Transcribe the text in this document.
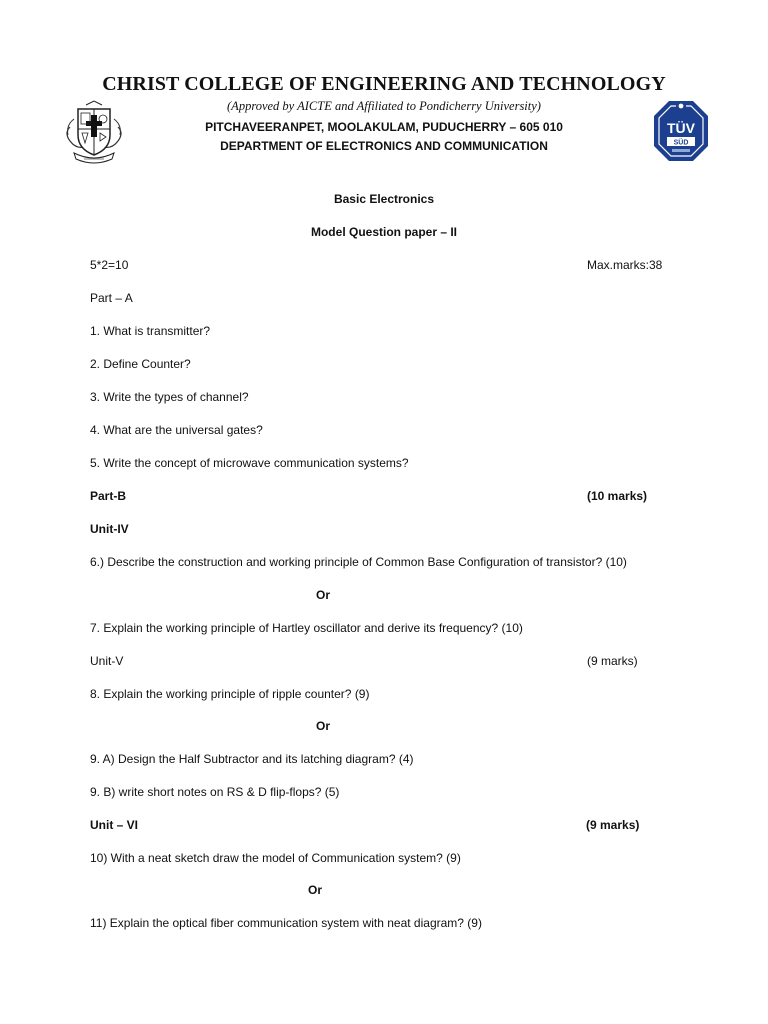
CHRIST COLLEGE OF ENGINEERING AND TECHNOLOGY
(Approved by AICTE and Affiliated to Pondicherry University)
PITCHAVEERANPET, MOOLAKULAM, PUDUCHERRY – 605 010
DEPARTMENT OF ELECTRONICS AND COMMUNICATION
TÜV
SÜD
Basic Electronics
Model Question paper – II
5*2=10	Max.marks:38
Part – A
1. What is transmitter?
2. Define Counter?
3. Write the types of channel?
4. What are the universal gates?
5. Write the concept of microwave communication systems?
Part-B	(10 marks)
Unit-IV
6.) Describe the construction and working principle of Common Base Configuration of transistor? (10)
Or
7. Explain the working principle of Hartley oscillator and derive its frequency? (10)
Unit-V	(9 marks)
8. Explain the working principle of ripple counter? (9)
Or
9. A) Design the Half Subtractor and its latching diagram? (4)
9. B) write short notes on RS & D flip-flops? (5)
Unit – VI	(9 marks)
10) With a neat sketch draw the model of Communication system? (9)
Or
11) Explain the optical fiber communication system with neat diagram? (9)
